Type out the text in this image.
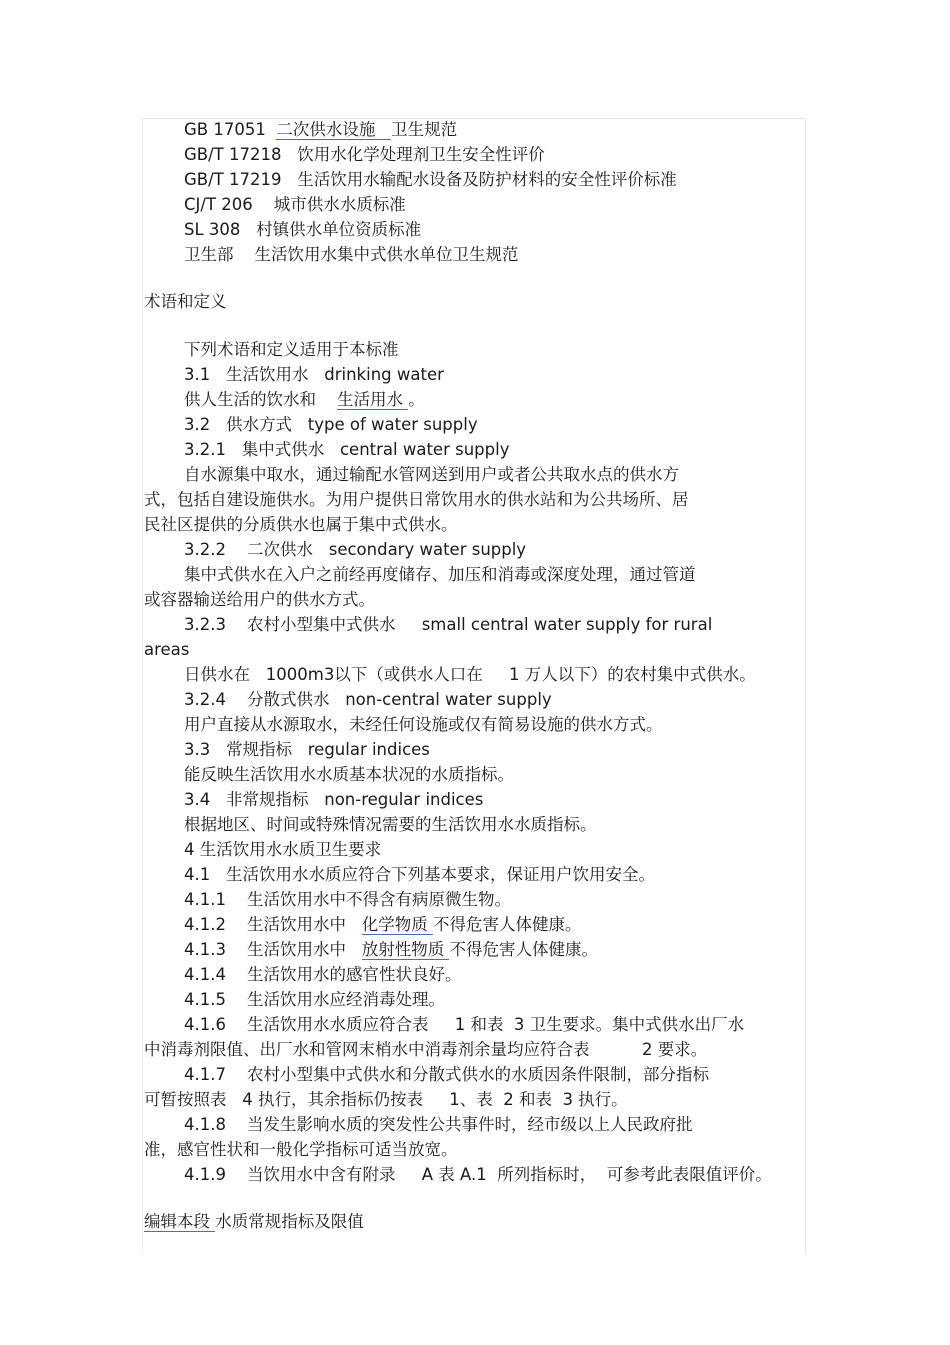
GB 17051 二次供水设施 卫生规范
GB/T 17218 饮用水化学处理剂卫生安全性评价
GB/T 17219 生活饮用水输配水设备及防护材料的安全性评价标准
CJ/T 206 城市供水水质标准
SL 308 村镇供水单位资质标准
卫生部 生活饮用水集中式供水单位卫生规范
术语和定义
下列术语和定义适用于本标准
3.1 生活饮用水 drinking water
供人生活的饮水和 生活用水 。
3.2 供水方式 type of water supply
3.2.1 集中式供水 central water supply
自水源集中取水，通过输配水管网送到用户或者公共取水点的供水方
式，包括自建设施供水。为用户提供日常饮用水的供水站和为公共场所、居
民社区提供的分质供水也属于集中式供水。
3.2.2 二次供水 secondary water supply
集中式供水在入户之前经再度储存、加压和消毒或深度处理，通过管道
或容器输送给用户的供水方式。
3.2.3 农村小型集中式供水 small central water supply for rural
areas
日供水在 1000m3以下（或供水人口在 1 万人以下）的农村集中式供水。
3.2.4 分散式供水 non-central water supply
用户直接从水源取水，未经任何设施或仅有简易设施的供水方式。
3.3 常规指标 regular indices
能反映生活饮用水水质基本状况的水质指标。
3.4 非常规指标 non-regular indices
根据地区、时间或特殊情况需要的生活饮用水水质指标。
4 生活饮用水水质卫生要求
4.1 生活饮用水水质应符合下列基本要求，保证用户饮用安全。
4.1.1 生活饮用水中不得含有病原微生物。
4.1.2 生活饮用水中 化学物质 不得危害人体健康。
4.1.3 生活饮用水中 放射性物质 不得危害人体健康。
4.1.4 生活饮用水的感官性状良好。
4.1.5 生活饮用水应经消毒处理。
4.1.6 生活饮用水水质应符合表 1 和表  3 卫生要求。集中式供水出厂水
中消毒剂限值、出厂水和管网末梢水中消毒剂余量均应符合表	2 要求。
4.1.7 农村小型集中式供水和分散式供水的水质因条件限制，部分指标
可暂按照表   4 执行，其余指标仍按表 1、表  2 和表  3 执行。
4.1.8 当发生影响水质的突发性公共事件时，经市级以上人民政府批
准，感官性状和一般化学指标可适当放宽。
4.1.9 当饮用水中含有附录 A 表 A.1  所列指标时，  可参考此表限值评价。
编辑本段 水质常规指标及限值
